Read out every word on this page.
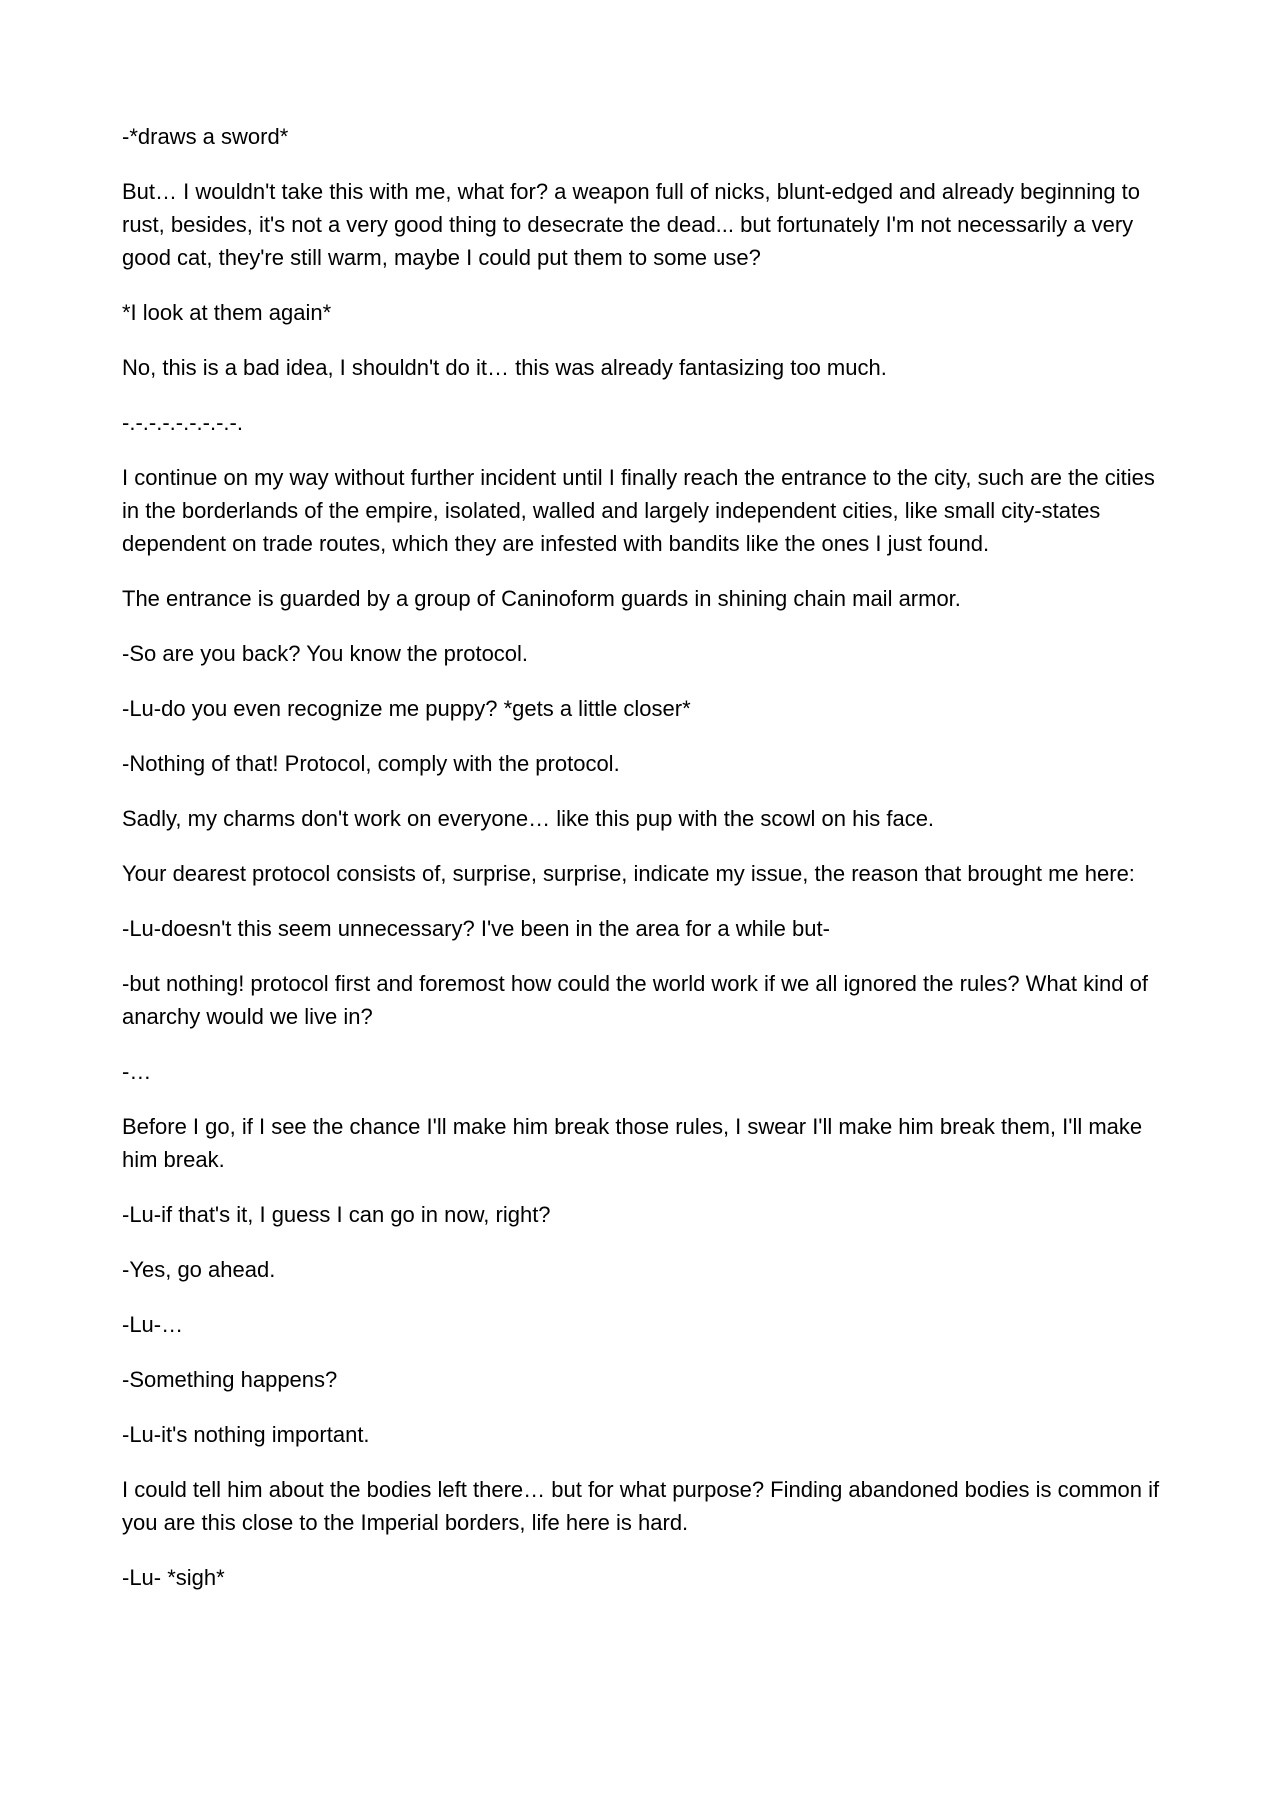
-*draws a sword*

But… I wouldn't take this with me, what for? a weapon full of nicks, blunt-edged and already beginning to rust, besides, it's not a very good thing to desecrate the dead... but fortunately I'm not necessarily a very good cat, they're still warm, maybe I could put them to some use?

*I look at them again*

No, this is a bad idea, I shouldn't do it… this was already fantasizing too much.

-.-.-.-.-.-.-.-.-.

I continue on my way without further incident until I finally reach the entrance to the city, such are the cities in the borderlands of the empire, isolated, walled and largely independent cities, like small city-states dependent on trade routes, which they are infested with bandits like the ones I just found.

The entrance is guarded by a group of Caninoform guards in shining chain mail armor.

-So are you back? You know the protocol.

-Lu-do you even recognize me puppy? *gets a little closer*

-Nothing of that! Protocol, comply with the protocol.

Sadly, my charms don't work on everyone… like this pup with the scowl on his face.

Your dearest protocol consists of, surprise, surprise, indicate my issue, the reason that brought me here:

-Lu-doesn't this seem unnecessary? I've been in the area for a while but-

-but nothing! protocol first and foremost how could the world work if we all ignored the rules? What kind of anarchy would we live in?

-…

Before I go, if I see the chance I'll make him break those rules, I swear I'll make him break them, I'll make him break.

-Lu-if that's it, I guess I can go in now, right?

-Yes, go ahead.

-Lu-…

-Something happens?

-Lu-it's nothing important.

I could tell him about the bodies left there… but for what purpose? Finding abandoned bodies is common if you are this close to the Imperial borders, life here is hard.

-Lu- *sigh*
